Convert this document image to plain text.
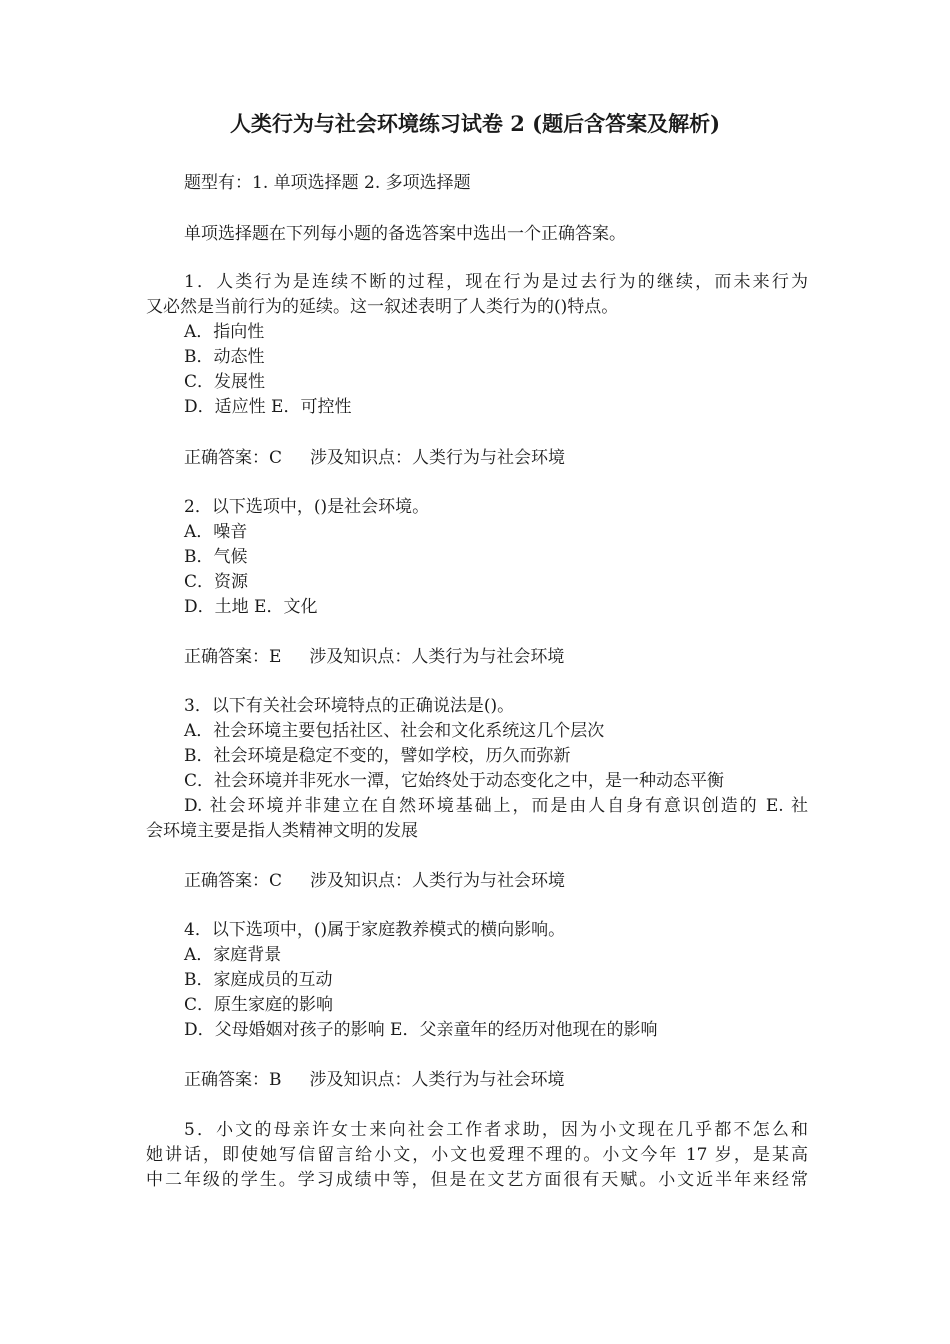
人类行为与社会环境练习试卷 2 (题后含答案及解析)
题型有：1. 单项选择题 2. 多项选择题
单项选择题在下列每小题的备选答案中选出一个正确答案。
1．人类行为是连续不断的过程，现在行为是过去行为的继续，而未来行为
又必然是当前行为的延续。这一叙述表明了人类行为的()特点。
A．指向性
B．动态性
C．发展性
D．适应性 E．可控性
正确答案：C 涉及知识点：人类行为与社会环境
2．以下选项中，()是社会环境。
A．噪音
B．气候
C．资源
D．土地 E．文化
正确答案：E 涉及知识点：人类行为与社会环境
3．以下有关社会环境特点的正确说法是()。
A．社会环境主要包括社区、社会和文化系统这几个层次
B．社会环境是稳定不变的，譬如学校，历久而弥新
C．社会环境并非死水一潭，它始终处于动态变化之中，是一种动态平衡
D. 社会环境并非建立在自然环境基础上，而是由人自身有意识创造的 E. 社
会环境主要是指人类精神文明的发展
正确答案：C 涉及知识点：人类行为与社会环境
4．以下选项中，()属于家庭教养模式的横向影响。
A．家庭背景
B．家庭成员的互动
C．原生家庭的影响
D．父母婚姻对孩子的影响 E．父亲童年的经历对他现在的影响
正确答案：B 涉及知识点：人类行为与社会环境
5．小文的母亲许女士来向社会工作者求助，因为小文现在几乎都不怎么和
她讲话，即使她写信留言给小文，小文也爱理不理的。小文今年 17 岁，是某高
中二年级的学生。学习成绩中等，但是在文艺方面很有天赋。小文近半年来经常
